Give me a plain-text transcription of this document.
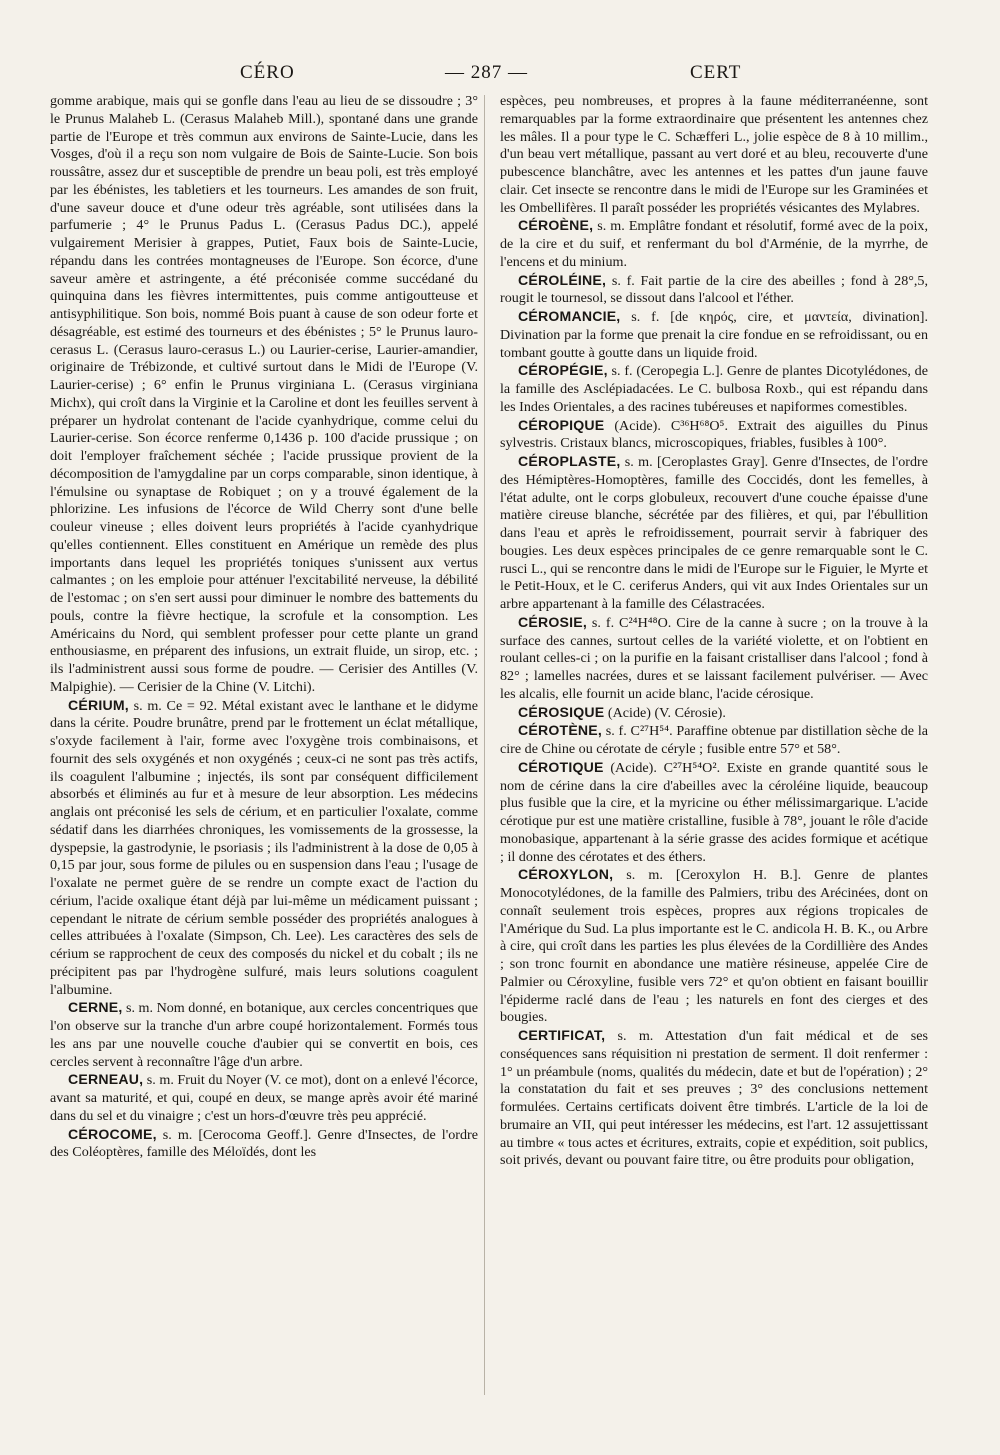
CÉRO	— 287 —	CERT

gomme arabique, mais qui se gonfle dans l'eau au lieu de se dissoudre ; 3° le Prunus Malaheb L. (Cerasus Malaheb Mill.), spontané dans une grande partie de l'Europe et très commun aux environs de Sainte-Lucie, dans les Vosges, d'où il a reçu son nom vulgaire de Bois de Sainte-Lucie. Son bois roussâtre, assez dur et susceptible de prendre un beau poli, est très employé par les ébénistes, les tabletiers et les tourneurs. Les amandes de son fruit, d'une saveur douce et d'une odeur très agréable, sont utilisées dans la parfumerie ; 4° le Prunus Padus L. (Cerasus Padus DC.), appelé vulgairement Merisier à grappes, Putiet, Faux bois de Sainte-Lucie, répandu dans les contrées montagneuses de l'Europe. Son écorce, d'une saveur amère et astringente, a été préconisée comme succédané du quinquina dans les fièvres intermittentes, puis comme antigoutteuse et antisyphilitique. Son bois, nommé Bois puant à cause de son odeur forte et désagréable, est estimé des tourneurs et des ébénistes ; 5° le Prunus lauro-cerasus L. (Cerasus lauro-cerasus L.) ou Laurier-cerise, Laurier-amandier, originaire de Trébizonde, et cultivé surtout dans le Midi de l'Europe (V. Laurier-cerise) ; 6° enfin le Prunus virginiana L. (Cerasus virginiana Michx), qui croît dans la Virginie et la Caroline et dont les feuilles servent à préparer un hydrolat contenant de l'acide cyanhydrique, comme celui du Laurier-cerise. Son écorce renferme 0,1436 p. 100 d'acide prussique ; on doit l'employer fraîchement séchée ; l'acide prussique provient de la décomposition de l'amygdaline par un corps comparable, sinon identique, à l'émulsine ou synaptase de Robiquet ; on y a trouvé également de la phlorizine. Les infusions de l'écorce de Wild Cherry sont d'une belle couleur vineuse ; elles doivent leurs propriétés à l'acide cyanhydrique qu'elles contiennent. Elles constituent en Amérique un remède des plus importants dans lequel les propriétés toniques s'unissent aux vertus calmantes ; on les emploie pour atténuer l'excitabilité nerveuse, la débilité de l'estomac ; on s'en sert aussi pour diminuer le nombre des battements du pouls, contre la fièvre hectique, la scrofule et la consomption. Les Américains du Nord, qui semblent professer pour cette plante un grand enthousiasme, en préparent des infusions, un extrait fluide, un sirop, etc. ; ils l'administrent aussi sous forme de poudre. — Cerisier des Antilles (V. Malpighie). — Cerisier de la Chine (V. Litchi).

CÉRIUM, s. m. Ce = 92. Métal existant avec le lanthane et le didyme dans la cérite. Poudre brunâtre, prend par le frottement un éclat métallique, s'oxyde facilement à l'air, forme avec l'oxygène trois combinaisons, et fournit des sels oxygénés et non oxygénés ; ceux-ci ne sont pas très actifs, ils coagulent l'albumine ; injectés, ils sont par conséquent difficilement absorbés et éliminés au fur et à mesure de leur absorption. Les médecins anglais ont préconisé les sels de cérium, et en particulier l'oxalate, comme sédatif dans les diarrhées chroniques, les vomissements de la grossesse, la dyspepsie, la gastrodynie, le psoriasis ; ils l'administrent à la dose de 0,05 à 0,15 par jour, sous forme de pilules ou en suspension dans l'eau ; l'usage de l'oxalate ne permet guère de se rendre un compte exact de l'action du cérium, l'acide oxalique étant déjà par lui-même un médicament puissant ; cependant le nitrate de cérium semble posséder des propriétés analogues à celles attribuées à l'oxalate (Simpson, Ch. Lee). Les caractères des sels de cérium se rapprochent de ceux des composés du nickel et du cobalt ; ils ne précipitent pas par l'hydrogène sulfuré, mais leurs solutions coagulent l'albumine.

CERNE, s. m. Nom donné, en botanique, aux cercles concentriques que l'on observe sur la tranche d'un arbre coupé horizontalement. Formés tous les ans par une nouvelle couche d'aubier qui se convertit en bois, ces cercles servent à reconnaître l'âge d'un arbre.

CERNEAU, s. m. Fruit du Noyer (V. ce mot), dont on a enlevé l'écorce, avant sa maturité, et qui, coupé en deux, se mange après avoir été mariné dans du sel et du vinaigre ; c'est un hors-d'œuvre très peu apprécié.

CÉROCOME, s. m. [Cerocoma Geoff.]. Genre d'Insectes, de l'ordre des Coléoptères, famille des Méloïdés, dont les

espèces, peu nombreuses, et propres à la faune méditerranéenne, sont remarquables par la forme extraordinaire que présentent les antennes chez les mâles. Il a pour type le C. Schæfferi L., jolie espèce de 8 à 10 millim., d'un beau vert métallique, passant au vert doré et au bleu, recouverte d'une pubescence blanchâtre, avec les antennes et les pattes d'un jaune fauve clair. Cet insecte se rencontre dans le midi de l'Europe sur les Graminées et les Ombellifères. Il paraît posséder les propriétés vésicantes des Mylabres.

CÉROÈNE, s. m. Emplâtre fondant et résolutif, formé avec de la poix, de la cire et du suif, et renfermant du bol d'Arménie, de la myrrhe, de l'encens et du minium.

CÉROLÉINE, s. f. Fait partie de la cire des abeilles ; fond à 28°,5, rougit le tournesol, se dissout dans l'alcool et l'éther.

CÉROMANCIE, s. f. [de κηρός, cire, et μαντεία, divination]. Divination par la forme que prenait la cire fondue en se refroidissant, ou en tombant goutte à goutte dans un liquide froid.

CÉROPÉGIE, s. f. (Ceropegia L.]. Genre de plantes Dicotylédones, de la famille des Asclépiadacées. Le C. bulbosa Roxb., qui est répandu dans les Indes Orientales, a des racines tubéreuses et napiformes comestibles.

CÉROPIQUE (Acide). C³⁶H⁶⁸O⁵. Extrait des aiguilles du Pinus sylvestris. Cristaux blancs, microscopiques, friables, fusibles à 100°.

CÉROPLASTE, s. m. [Ceroplastes Gray]. Genre d'Insectes, de l'ordre des Hémiptères-Homoptères, famille des Coccidés, dont les femelles, à l'état adulte, ont le corps globuleux, recouvert d'une couche épaisse d'une matière cireuse blanche, sécrétée par des filières, et qui, par l'ébullition dans l'eau et après le refroidissement, pourrait servir à fabriquer des bougies. Les deux espèces principales de ce genre remarquable sont le C. rusci L., qui se rencontre dans le midi de l'Europe sur le Figuier, le Myrte et le Petit-Houx, et le C. ceriferus Anders, qui vit aux Indes Orientales sur un arbre appartenant à la famille des Célastracées.

CÉROSIE, s. f. C²⁴H⁴⁸O. Cire de la canne à sucre ; on la trouve à la surface des cannes, surtout celles de la variété violette, et on l'obtient en roulant celles-ci ; on la purifie en la faisant cristalliser dans l'alcool ; fond à 82° ; lamelles nacrées, dures et se laissant facilement pulvériser. — Avec les alcalis, elle fournit un acide blanc, l'acide cérosique.

CÉROSIQUE (Acide) (V. Cérosie).

CÉROTÈNE, s. f. C²⁷H⁵⁴. Paraffine obtenue par distillation sèche de la cire de Chine ou cérotate de céryle ; fusible entre 57° et 58°.

CÉROTIQUE (Acide). C²⁷H⁵⁴O². Existe en grande quantité sous le nom de cérine dans la cire d'abeilles avec la céroléine liquide, beaucoup plus fusible que la cire, et la myricine ou éther mélissimargarique. L'acide cérotique pur est une matière cristalline, fusible à 78°, jouant le rôle d'acide monobasique, appartenant à la série grasse des acides formique et acétique ; il donne des cérotates et des éthers.

CÉROXYLON, s. m. [Ceroxylon H. B.]. Genre de plantes Monocotylédones, de la famille des Palmiers, tribu des Arécinées, dont on connaît seulement trois espèces, propres aux régions tropicales de l'Amérique du Sud. La plus importante est le C. andicola H. B. K., ou Arbre à cire, qui croît dans les parties les plus élevées de la Cordillière des Andes ; son tronc fournit en abondance une matière résineuse, appelée Cire de Palmier ou Céroxyline, fusible vers 72° et qu'on obtient en faisant bouillir l'épiderme raclé dans de l'eau ; les naturels en font des cierges et des bougies.

CERTIFICAT, s. m. Attestation d'un fait médical et de ses conséquences sans réquisition ni prestation de serment. Il doit renfermer : 1° un préambule (noms, qualités du médecin, date et but de l'opération) ; 2° la constatation du fait et ses preuves ; 3° des conclusions nettement formulées. Certains certificats doivent être timbrés. L'article de la loi de brumaire an VII, qui peut intéresser les médecins, est l'art. 12 assujettissant au timbre « tous actes et écritures, extraits, copie et expédition, soit publics, soit privés, devant ou pouvant faire titre, ou être produits pour obligation,
